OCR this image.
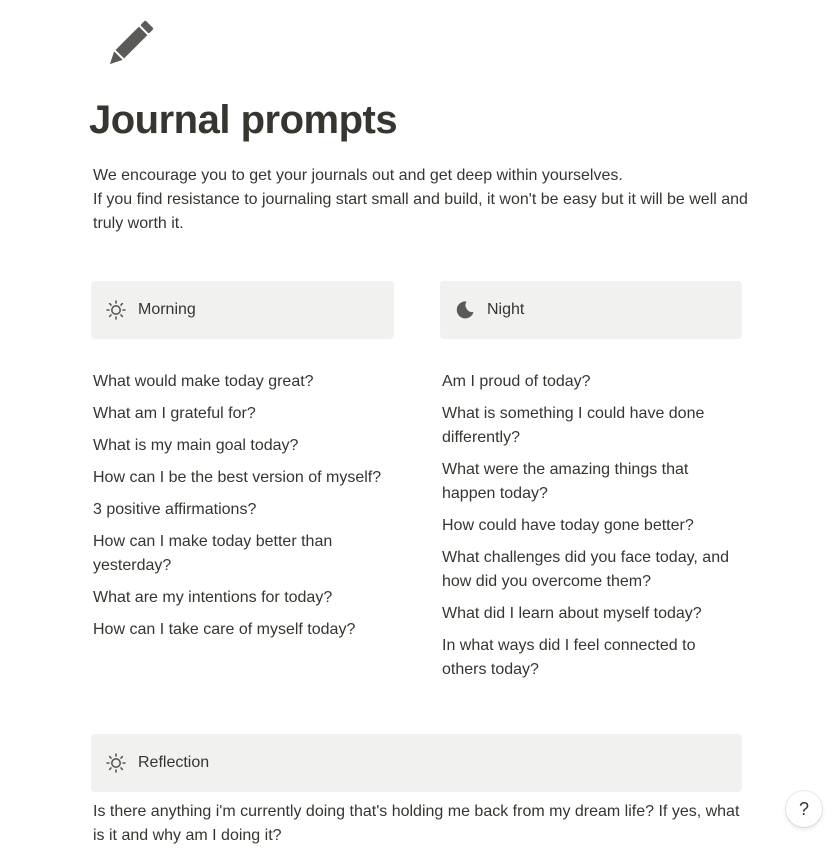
Journal prompts
We encourage you to get your journals out and get deep within yourselves.
If you find resistance to journaling start small and build, it won't be easy but it will be well and truly worth it.
Morning	Night
What would make today great?
What am I grateful for?
What is my main goal today?
How can I be the best version of myself?
3 positive affirmations?
How can I make today better than yesterday?
What are my intentions for today?
How can I take care of myself today?
Am I proud of today?
What is something I could have done differently?
What were the amazing things that happen today?
How could have today gone better?
What challenges did you face today, and how did you overcome them?
What did I learn about myself today?
In what ways did I feel connected to others today?
Reflection
Is there anything i'm currently doing that's holding me back from my dream life? If yes, what is it and why am I doing it?
?
